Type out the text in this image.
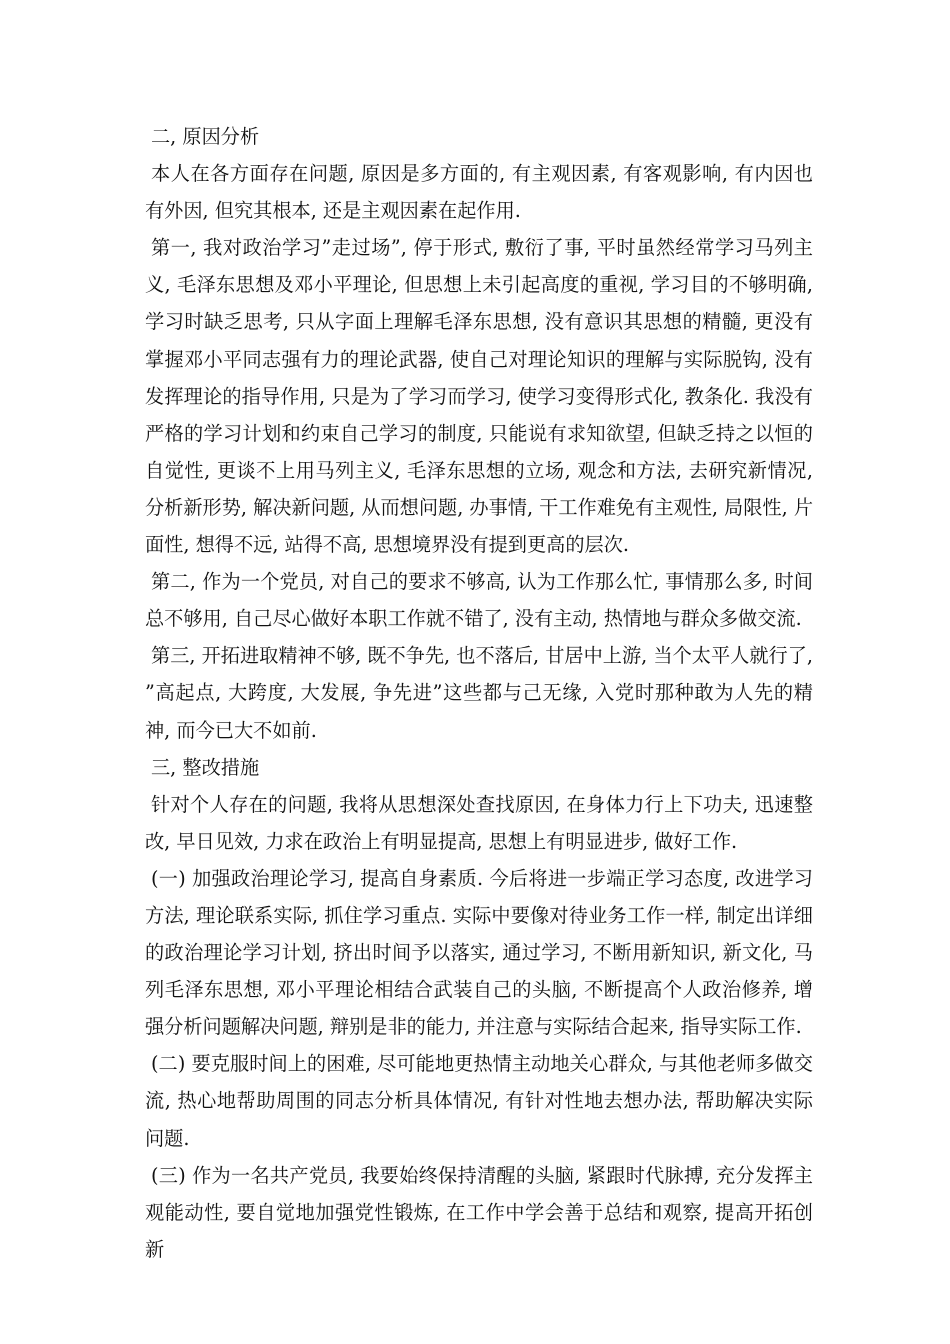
二, 原因分析

本人在各方面存在问题, 原因是多方面的, 有主观因素, 有客观影响, 有内因也有外因, 但究其根本, 还是主观因素在起作用.

第一, 我对政治学习”走过场”, 停于形式, 敷衍了事, 平时虽然经常学习马列主义, 毛泽东思想及邓小平理论, 但思想上未引起高度的重视, 学习目的不够明确, 学习时缺乏思考, 只从字面上理解毛泽东思想, 没有意识其思想的精髓, 更没有掌握邓小平同志强有力的理论武器, 使自己对理论知识的理解与实际脱钩, 没有发挥理论的指导作用, 只是为了学习而学习, 使学习变得形式化, 教条化. 我没有严格的学习计划和约束自己学习的制度, 只能说有求知欲望, 但缺乏持之以恒的自觉性, 更谈不上用马列主义, 毛泽东思想的立场, 观念和方法, 去研究新情况, 分析新形势, 解决新问题, 从而想问题, 办事情, 干工作难免有主观性, 局限性, 片面性, 想得不远, 站得不高, 思想境界没有提到更高的层次.

第二, 作为一个党员, 对自己的要求不够高, 认为工作那么忙, 事情那么多, 时间总不够用, 自己尽心做好本职工作就不错了, 没有主动, 热情地与群众多做交流.

第三, 开拓进取精神不够, 既不争先, 也不落后, 甘居中上游, 当个太平人就行了, ”高起点, 大跨度, 大发展, 争先进”这些都与己无缘, 入党时那种敢为人先的精神, 而今已大不如前.

三, 整改措施

针对个人存在的问题, 我将从思想深处查找原因, 在身体力行上下功夫, 迅速整改, 早日见效, 力求在政治上有明显提高, 思想上有明显进步, 做好工作.

(一) 加强政治理论学习, 提高自身素质. 今后将进一步端正学习态度, 改进学习方法, 理论联系实际, 抓住学习重点. 实际中要像对待业务工作一样, 制定出详细的政治理论学习计划, 挤出时间予以落实, 通过学习, 不断用新知识, 新文化, 马列毛泽东思想, 邓小平理论相结合武装自己的头脑, 不断提高个人政治修养, 增强分析问题解决问题, 辩别是非的能力, 并注意与实际结合起来, 指导实际工作.

(二) 要克服时间上的困难, 尽可能地更热情主动地关心群众, 与其他老师多做交流, 热心地帮助周围的同志分析具体情况, 有针对性地去想办法, 帮助解决实际问题.

(三) 作为一名共产党员, 我要始终保持清醒的头脑, 紧跟时代脉搏, 充分发挥主观能动性, 要自觉地加强党性锻炼, 在工作中学会善于总结和观察, 提高开拓创新
